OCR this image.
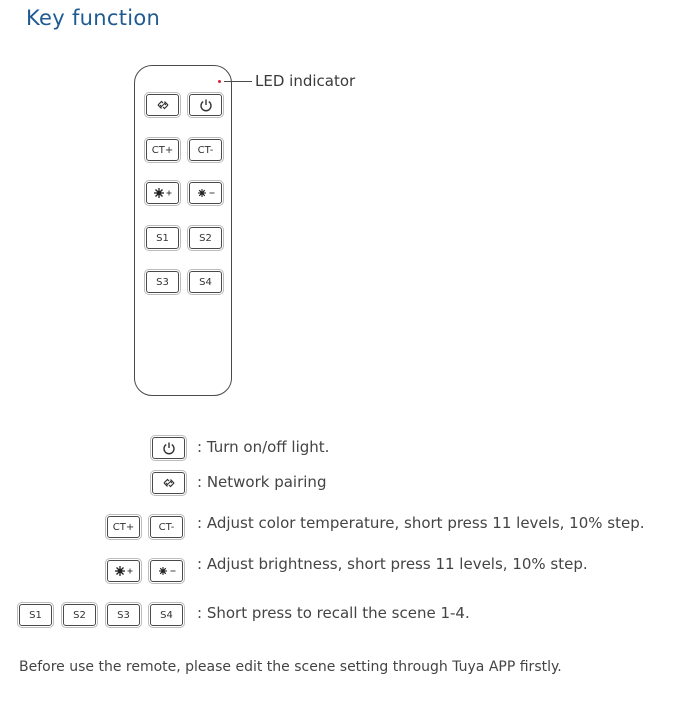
Key function
LED indicator
CT+	CT-
S1	S2
S3	S4
: Turn on/off light.
: Network pairing
CT+	CT-	: Adjust color temperature, short press 11 levels, 10% step.
: Adjust brightness, short press 11 levels, 10% step.
S1	S2	S3	S4	: Short press to recall the scene 1-4.
Before use the remote, please edit the scene setting through Tuya APP firstly.
